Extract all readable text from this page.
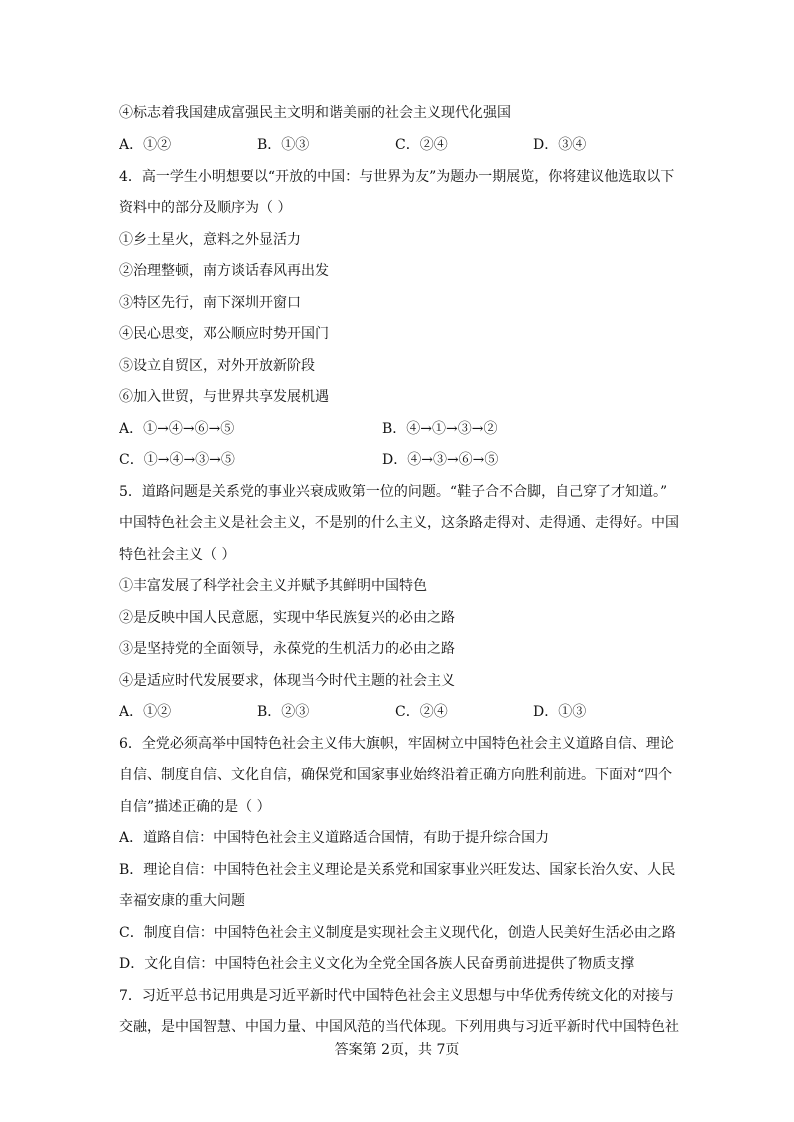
④标志着我国建成富强民主文明和谐美丽的社会主义现代化强国
A．①②	B．①③	C．②④	D．③④
4．高一学生小明想要以“开放的中国：与世界为友”为题办一期展览，你将建议他选取以下
资料中的部分及顺序为（ ）
①乡土星火，意料之外显活力
②治理整顿，南方谈话春风再出发
③特区先行，南下深圳开窗口
④民心思变，邓公顺应时势开国门
⑤设立自贸区，对外开放新阶段
⑥加入世贸，与世界共享发展机遇
A．①→④→⑥→⑤	B．④→①→③→②
C．①→④→③→⑤	D．④→③→⑥→⑤
5．道路问题是关系党的事业兴衰成败第一位的问题。“鞋子合不合脚，自己穿了才知道。”
中国特色社会主义是社会主义，不是别的什么主义，这条路走得对、走得通、走得好。中国
特色社会主义（ ）
①丰富发展了科学社会主义并赋予其鲜明中国特色
②是反映中国人民意愿，实现中华民族复兴的必由之路
③是坚持党的全面领导，永葆党的生机活力的必由之路
④是适应时代发展要求，体现当今时代主题的社会主义
A．①②	B．②③	C．②④	D．①③
6．全党必须高举中国特色社会主义伟大旗帜，牢固树立中国特色社会主义道路自信、理论
自信、制度自信、文化自信，确保党和国家事业始终沿着正确方向胜利前进。下面对“四个
自信”描述正确的是（ ）
A．道路自信：中国特色社会主义道路适合国情，有助于提升综合国力
B．理论自信：中国特色社会主义理论是关系党和国家事业兴旺发达、国家长治久安、人民
幸福安康的重大问题
C．制度自信：中国特色社会主义制度是实现社会主义现代化，创造人民美好生活必由之路
D．文化自信：中国特色社会主义文化为全党全国各族人民奋勇前进提供了物质支撑
7．习近平总书记用典是习近平新时代中国特色社会主义思想与中华优秀传统文化的对接与
交融，是中国智慧、中国力量、中国风范的当代体现。下列用典与习近平新时代中国特色社
答案第 2页，共 7页
